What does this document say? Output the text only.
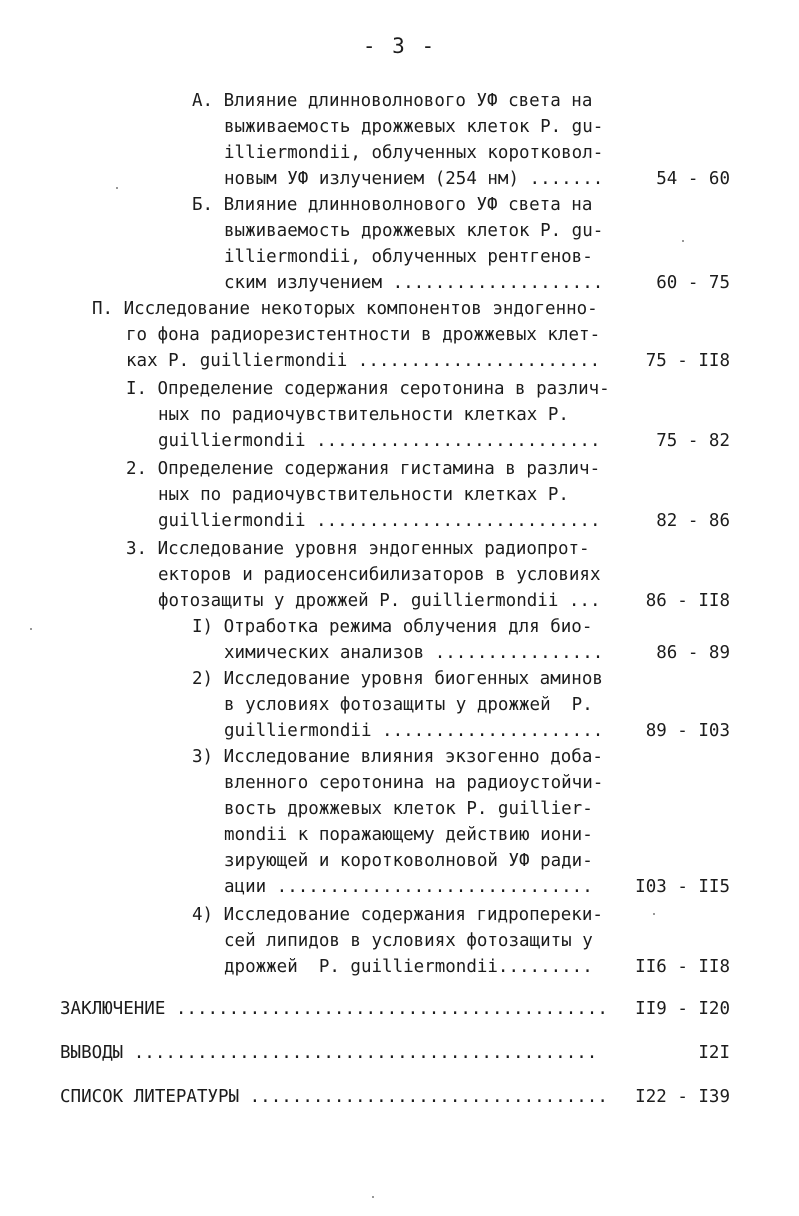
- 3 -
А. Влияние длинноволнового УФ света на
выживаемость дрожжевых клеток P. gu-
illiermondii, облученных коротковол-
новым УФ излучением (254 нм) .......	54 - 60
Б. Влияние длинноволнового УФ света на
выживаемость дрожжевых клеток P. gu-
illiermondii, облученных рентгенов-
ским излучением ....................	60 - 75
П. Исследование некоторых компонентов эндогенно-
го фона радиорезистентности в дрожжевых клет-
ках P. guilliermondii .......................	75 - II8
I. Определение содержания серотонина в различ-
ных по радиочувствительности клетках P.
guilliermondii ...........................	75 - 82
2. Определение содержания гистамина в различ-
ных по радиочувствительности клетках P.
guilliermondii ...........................	82 - 86
3. Исследование уровня эндогенных радиопрот-
екторов и радиосенсибилизаторов в условиях
фотозащиты у дрожжей P. guilliermondii ...	86 - II8
I) Отработка режима облучения для био-
химических анализов ................	86 - 89
2) Исследование уровня биогенных аминов
в условиях фотозащиты у дрожжей  P.
guilliermondii .....................	89 - I03
3) Исследование влияния экзогенно доба-
вленного серотонина на радиоустойчи-
вость дрожжевых клеток P. guillier-
mondii к поражающему действию иони-
зирующей и коротковолновой УФ ради-
ации ..............................	I03 - II5
4) Исследование содержания гидропереки-
сей липидов в условиях фотозащиты у
дрожжей  P. guilliermondii.........	II6 - II8
ЗАКЛЮЧЕНИЕ .........................................	II9 - I20
ВЫВОДЫ ............................................	I2I
СПИСОК ЛИТЕРАТУРЫ ..................................	I22 - I39
